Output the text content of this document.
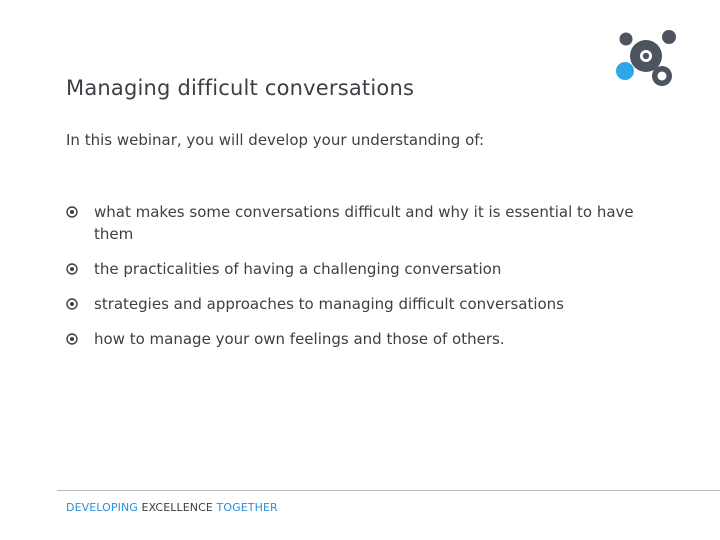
Managing difficult conversations

In this webinar, you will develop your understanding of:

what makes some conversations difficult and why it is essential to have them
the practicalities of having a challenging conversation
strategies and approaches to managing difficult conversations
how to manage your own feelings and those of others.
DEVELOPING EXCELLENCE TOGETHER
